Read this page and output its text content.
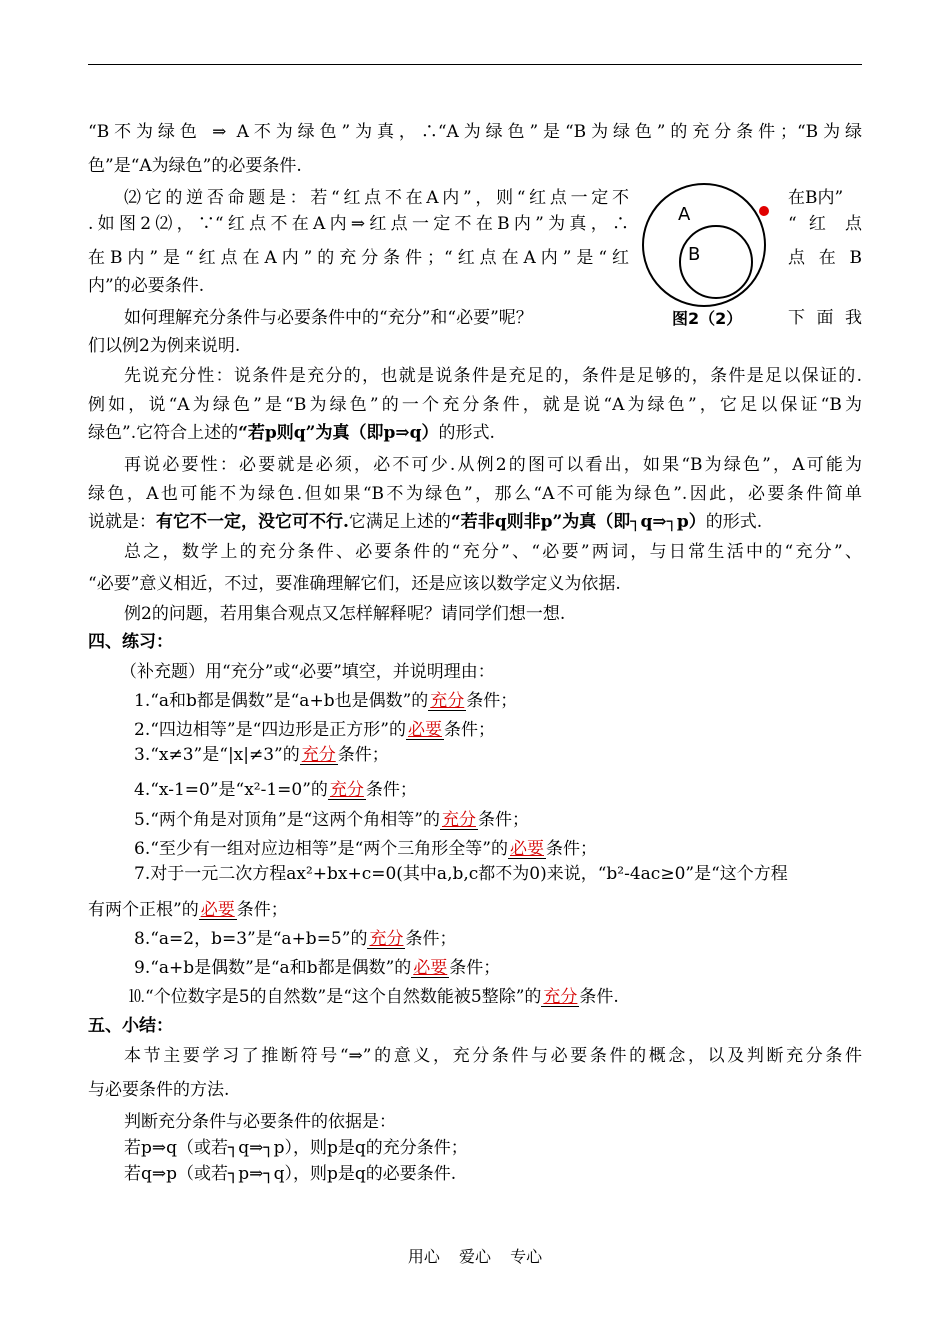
“B不为绿色 ⇒ A不为绿色”为真，∴“A为绿色”是“B为绿色”的充分条件；“B为绿
色”是“A为绿色”的必要条件.
⑵它的逆否命题是：若“红点不在A内”，则“红点一定不	在B内”
.如图2⑵，∵“红点不在A内⇒红点一定不在B内”为真，∴	“ 红 点
在B内”是“红点在A内”的充分条件；“红点在A内”是“红	点 在 B
内”的必要条件.
如何理解充分条件与必要条件中的“充分”和“必要”呢？	下 面 我
们以例2为例来说明.
A
B
图2（2）
先说充分性：说条件是充分的，也就是说条件是充足的，条件是足够的，条件是足以保证的.
例如，说“A为绿色”是“B为绿色”的一个充分条件，就是说“A为绿色”，它足以保证“B为
绿色”.它符合上述的“若p则q”为真（即p⇒q）的形式.
再说必要性：必要就是必须，必不可少.从例2的图可以看出，如果“B为绿色”，A可能为
绿色，A也可能不为绿色.但如果“B不为绿色”，那么“A不可能为绿色”.因此，必要条件简单
说就是：有它不一定，没它可不行.它满足上述的“若非q则非p”为真（即┐q⇒┐p）的形式.
总之，数学上的充分条件、必要条件的“充分”、“必要”两词，与日常生活中的“充分”、
“必要”意义相近，不过，要准确理解它们，还是应该以数学定义为依据.
例2的问题，若用集合观点又怎样解释呢？请同学们想一想.
四、练习：
（补充题）用“充分”或“必要”填空，并说明理由：
1.“a和b都是偶数”是“a+b也是偶数”的 充分 条件；
2.“四边相等”是“四边形是正方形”的 必要 条件；
3.“x≠3”是“|x|≠3”的 充分 条件；
4.“x-1=0”是“x²-1=0”的 充分 条件；
5.“两个角是对顶角”是“这两个角相等”的 充分 条件；
6.“至少有一组对应边相等”是“两个三角形全等”的 必要 条件；
7.对于一元二次方程ax²+bx+c=0(其中a,b,c都不为0)来说，“b²-4ac≥0”是“这个方程
有两个正根”的 必要 条件；
8.“a=2，b=3”是“a+b=5”的 充分 条件；
9.“a+b是偶数”是“a和b都是偶数”的 必要 条件；
⒑“个位数字是5的自然数”是“这个自然数能被5整除”的 充分 条件.
五、小结：
本节主要学习了推断符号“⇒”的意义，充分条件与必要条件的概念，以及判断充分条件
与必要条件的方法.
判断充分条件与必要条件的依据是：
若p⇒q（或若┐q⇒┐p），则p是q的充分条件；
若q⇒p（或若┐p⇒┐q），则p是q的必要条件.
用心 爱心 专心
